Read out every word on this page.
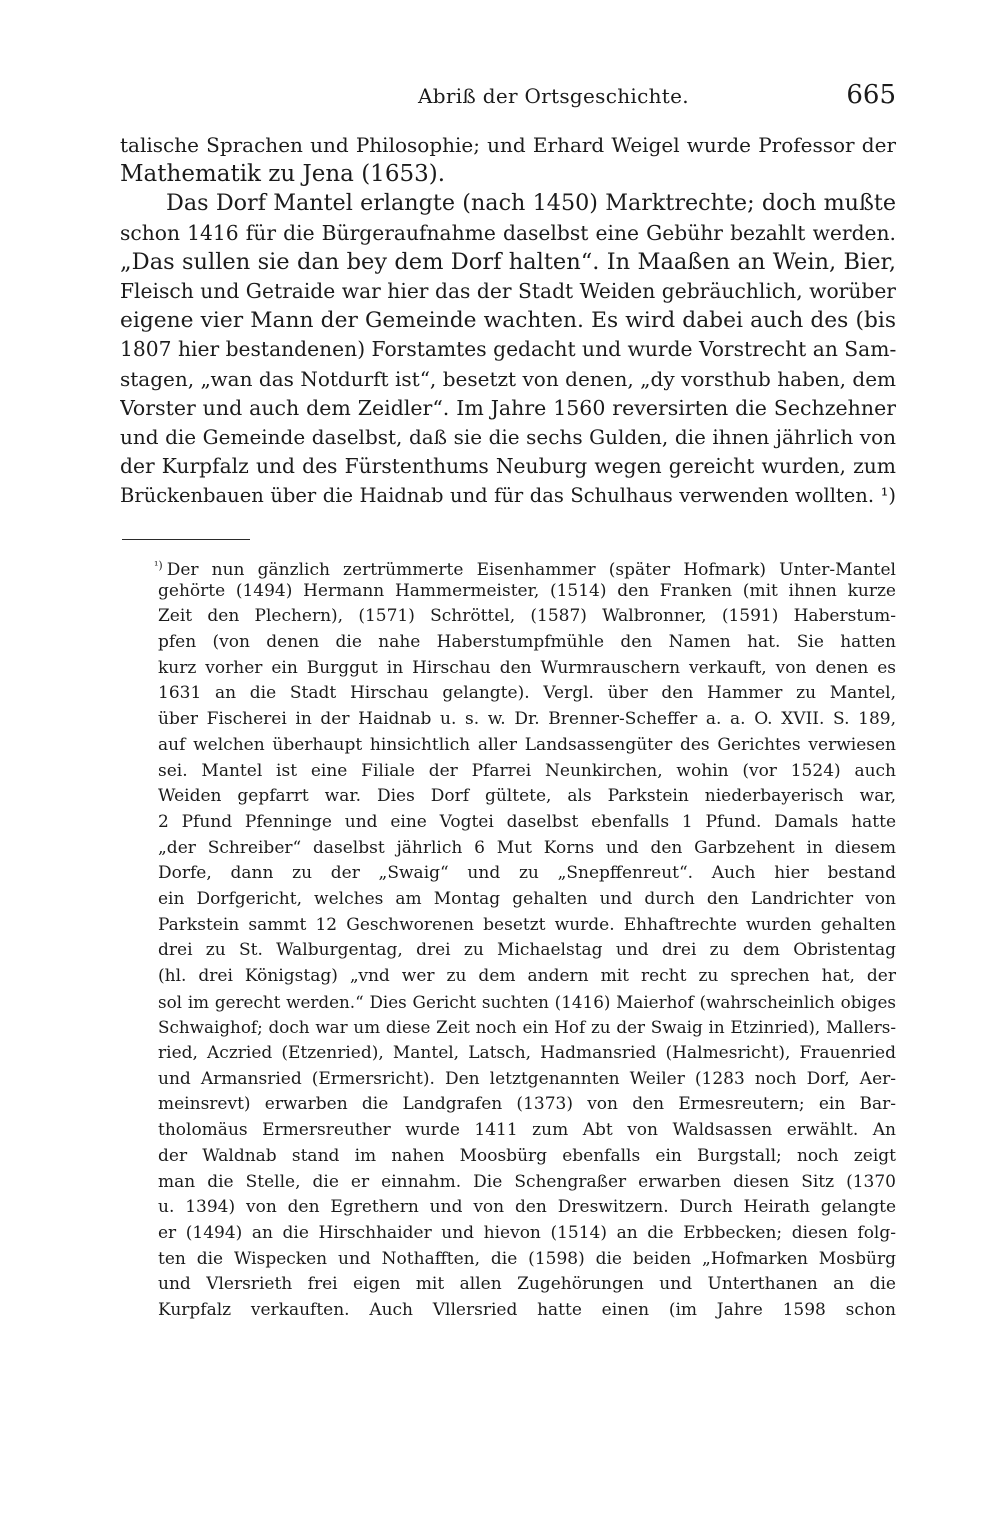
Abriß der Ortsgeschichte.	665
talische Sprachen und Philosophie; und Erhard Weigel wurde Professor der
Mathematik zu Jena (1653).
Das Dorf Mantel erlangte (nach 1450) Marktrechte; doch mußte
schon 1416 für die Bürgeraufnahme daselbst eine Gebühr bezahlt werden.
„Das sullen sie dan bey dem Dorf halten“. In Maaßen an Wein, Bier,
Fleisch und Getraide war hier das der Stadt Weiden gebräuchlich, worüber
eigene vier Mann der Gemeinde wachten. Es wird dabei auch des (bis
1807 hier bestandenen) Forstamtes gedacht und wurde Vorstrecht an Sam-
stagen, „wan das Notdurft ist“, besetzt von denen, „dy vorsthub haben, dem
Vorster und auch dem Zeidler“. Im Jahre 1560 reversirten die Sechzehner
und die Gemeinde daselbst, daß sie die sechs Gulden, die ihnen jährlich von
der Kurpfalz und des Fürstenthums Neuburg wegen gereicht wurden, zum
Brückenbauen über die Haidnab und für das Schulhaus verwenden wollten. ¹)
$^{^1)}$ Der nun gänzlich zertrümmerte Eisenhammer (später Hofmark) Unter-Mantel
gehörte (1494) Hermann Hammermeister, (1514) den Franken (mit ihnen kurze
Zeit den Plechern), (1571) Schröttel, (1587) Walbronner, (1591) Haberstum-
pfen (von denen die nahe Haberstumpfmühle den Namen hat. Sie hatten
kurz vorher ein Burggut in Hirschau den Wurmrauschern verkauft, von denen es
1631 an die Stadt Hirschau gelangte). Vergl. über den Hammer zu Mantel,
über Fischerei in der Haidnab u. s. w. Dr. Brenner-Scheffer a. a. O. XVII. S. 189,
auf welchen überhaupt hinsichtlich aller Landsassengüter des Gerichtes verwiesen
sei. Mantel ist eine Filiale der Pfarrei Neunkirchen, wohin (vor 1524) auch
Weiden gepfarrt war. Dies Dorf gültete, als Parkstein niederbayerisch war,
2 Pfund Pfenninge und eine Vogtei daselbst ebenfalls 1 Pfund. Damals hatte
„der Schreiber“ daselbst jährlich 6 Mut Korns und den Garbzehent in diesem
Dorfe, dann zu der „Swaig“ und zu „Snepffenreut“. Auch hier bestand
ein Dorfgericht, welches am Montag gehalten und durch den Landrichter von
Parkstein sammt 12 Geschworenen besetzt wurde. Ehhaftrechte wurden gehalten
drei zu St. Walburgentag, drei zu Michaelstag und drei zu dem Obristentag
(hl. drei Königstag) „vnd wer zu dem andern mit recht zu sprechen hat, der
sol im gerecht werden.“ Dies Gericht suchten (1416) Maierhof (wahrscheinlich obiges
Schwaighof; doch war um diese Zeit noch ein Hof zu der Swaig in Etzinried), Mallers-
ried, Aczried (Etzenried), Mantel, Latsch, Hadmansried (Halmesricht), Frauenried
und Armansried (Ermersricht). Den letztgenannten Weiler (1283 noch Dorf, Aer-
meinsrevt) erwarben die Landgrafen (1373) von den Ermesreutern; ein Bar-
tholomäus Ermersreuther wurde 1411 zum Abt von Waldsassen erwählt. An
der Waldnab stand im nahen Moosbürg ebenfalls ein Burgstall; noch zeigt
man die Stelle, die er einnahm. Die Schengraßer erwarben diesen Sitz (1370
u. 1394) von den Egrethern und von den Dreswitzern. Durch Heirath gelangte
er (1494) an die Hirschhaider und hievon (1514) an die Erbbecken; diesen folg-
ten die Wispecken und Nothafften, die (1598) die beiden „Hofmarken Mosbürg
und Vlersrieth frei eigen mit allen Zugehörungen und Unterthanen an die
Kurpfalz verkauften. Auch Vllersried hatte einen (im Jahre 1598 schon
